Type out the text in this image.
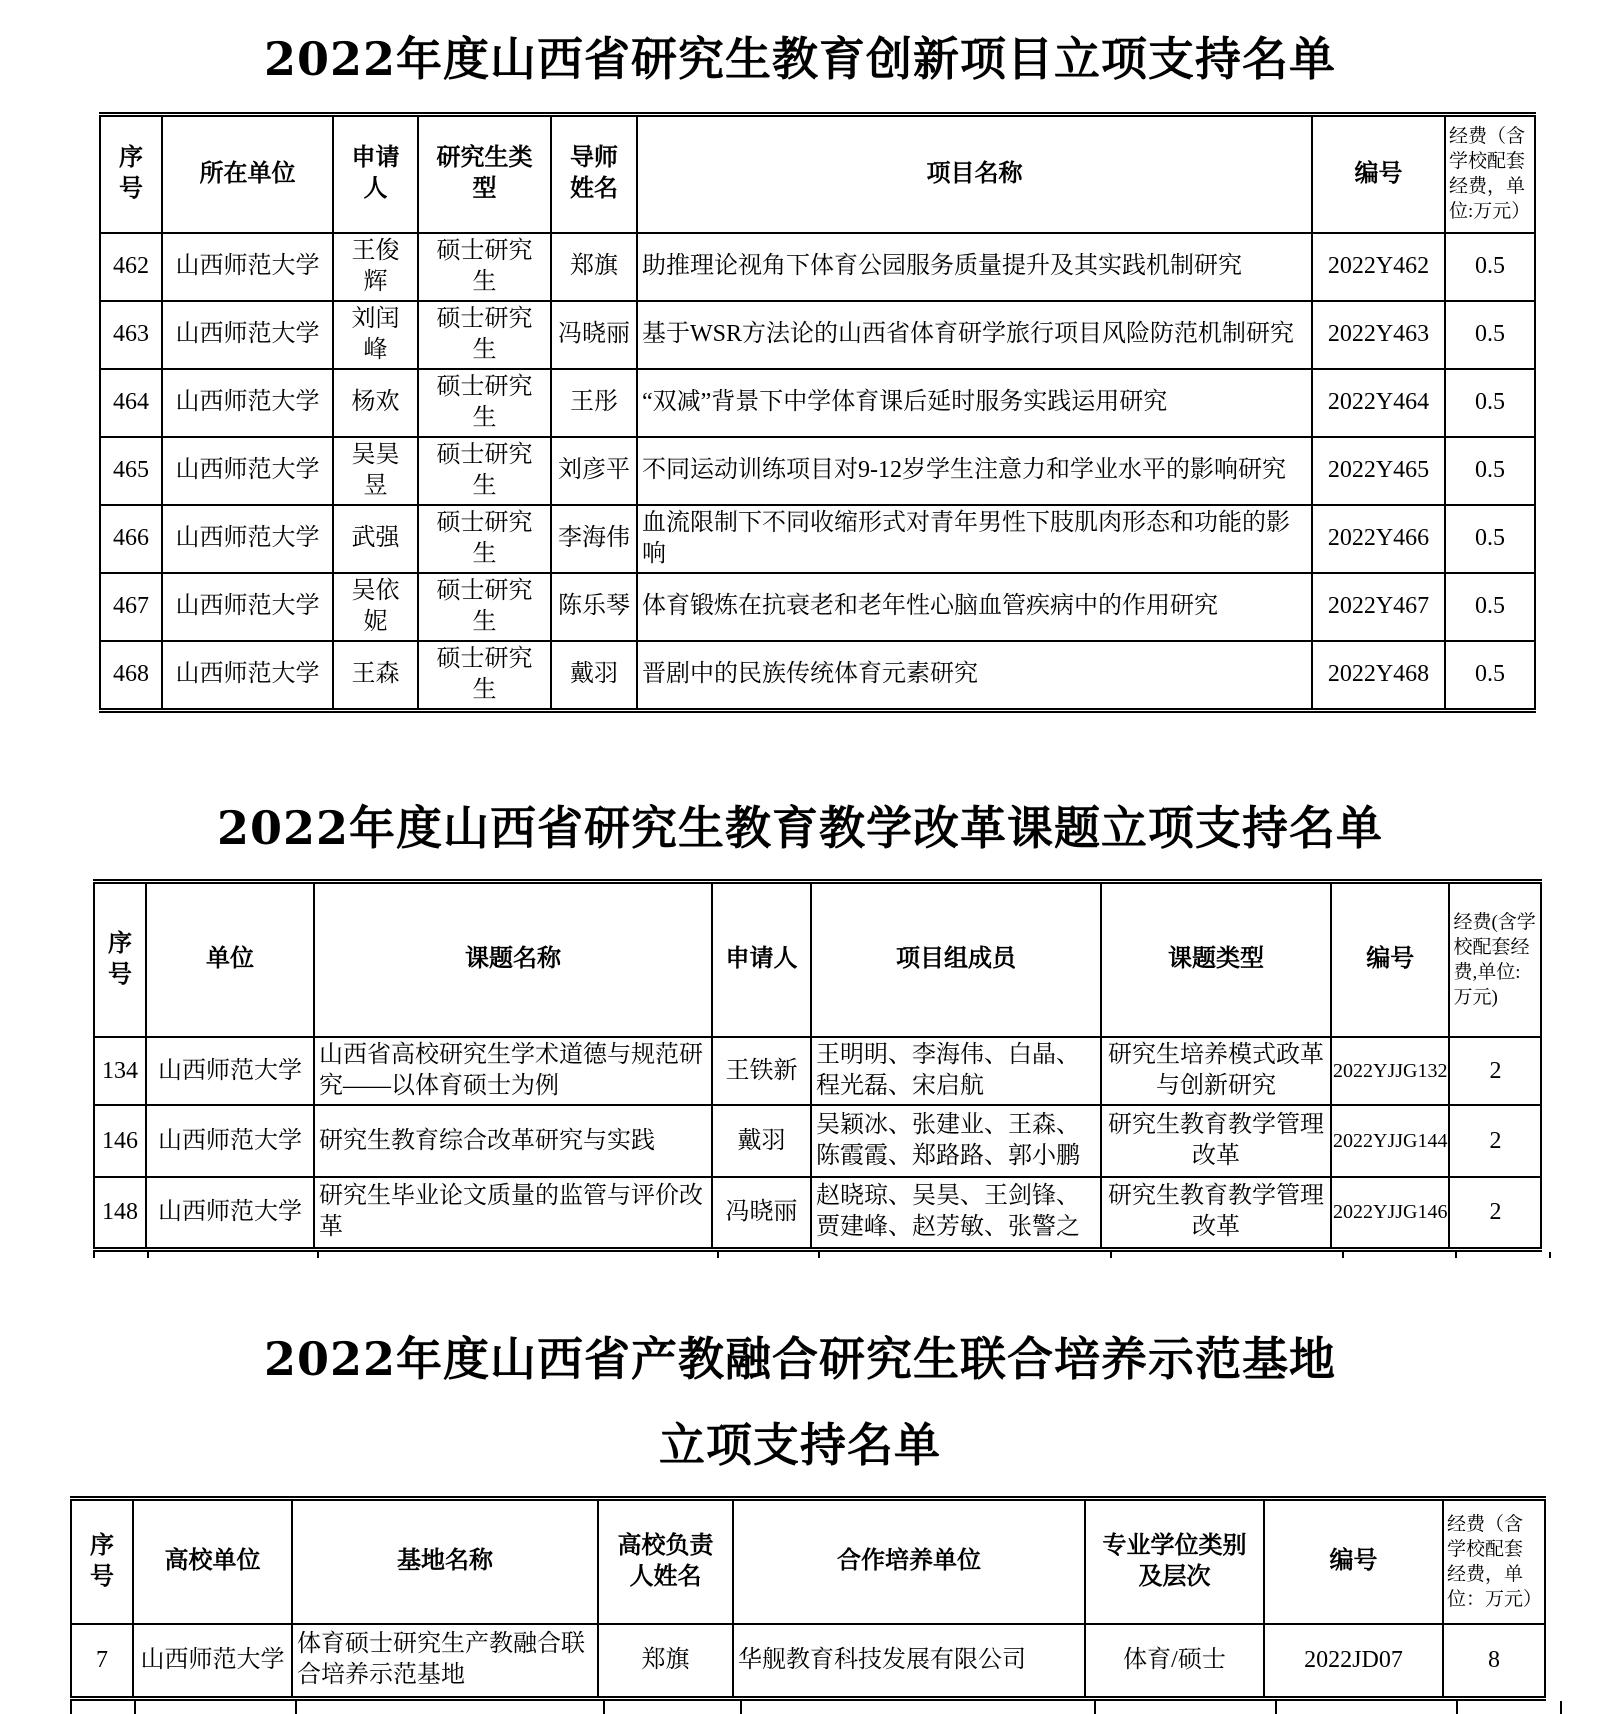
2022年度山西省研究生教育创新项目立项支持名单
序号	所在单位	申请人	研究生类型	导师姓名	项目名称	编号	经费（含学校配套经费，单位:万元）
462	山西师范大学	王俊辉	硕士研究生	郑旗	助推理论视角下体育公园服务质量提升及其实践机制研究	2022Y462	0.5
463	山西师范大学	刘闰峰	硕士研究生	冯晓丽	基于WSR方法论的山西省体育研学旅行项目风险防范机制研究	2022Y463	0.5
464	山西师范大学	杨欢	硕士研究生	王彤	“双减”背景下中学体育课后延时服务实践运用研究	2022Y464	0.5
465	山西师范大学	吴昊昱	硕士研究生	刘彦平	不同运动训练项目对9-12岁学生注意力和学业水平的影响研究	2022Y465	0.5
466	山西师范大学	武强	硕士研究生	李海伟	血流限制下不同收缩形式对青年男性下肢肌肉形态和功能的影响	2022Y466	0.5
467	山西师范大学	吴依妮	硕士研究生	陈乐琴	体育锻炼在抗衰老和老年性心脑血管疾病中的作用研究	2022Y467	0.5
468	山西师范大学	王森	硕士研究生	戴羽	晋剧中的民族传统体育元素研究	2022Y468	0.5
2022年度山西省研究生教育教学改革课题立项支持名单
序号	单位	课题名称	申请人	项目组成员	课题类型	编号	经费(含学校配套经费,单位:万元)
134	山西师范大学	山西省高校研究生学术道德与规范研究——以体育硕士为例	王铁新	王明明、李海伟、白晶、程光磊、宋启航	研究生培养模式政革与创新研究	2022YJJG132	2
146	山西师范大学	研究生教育综合改革研究与实践	戴羽	吴颖冰、张建业、王森、陈霞霞、郑路路、郭小鹏	研究生教育教学管理改革	2022YJJG144	2
148	山西师范大学	研究生毕业论文质量的监管与评价改革	冯晓丽	赵晓琼、吴昊、王剑锋、贾建峰、赵芳敏、张警之	研究生教育教学管理改革	2022YJJG146	2
2022年度山西省产教融合研究生联合培养示范基地
立项支持名单
序号	高校单位	基地名称	高校负责人姓名	合作培养单位	专业学位类别及层次	编号	经费（含学校配套经费，单位：万元）
7	山西师范大学	体育硕士研究生产教融合联合培养示范基地	郑旗	华舰教育科技发展有限公司	体育/硕士	2022JD07	8
